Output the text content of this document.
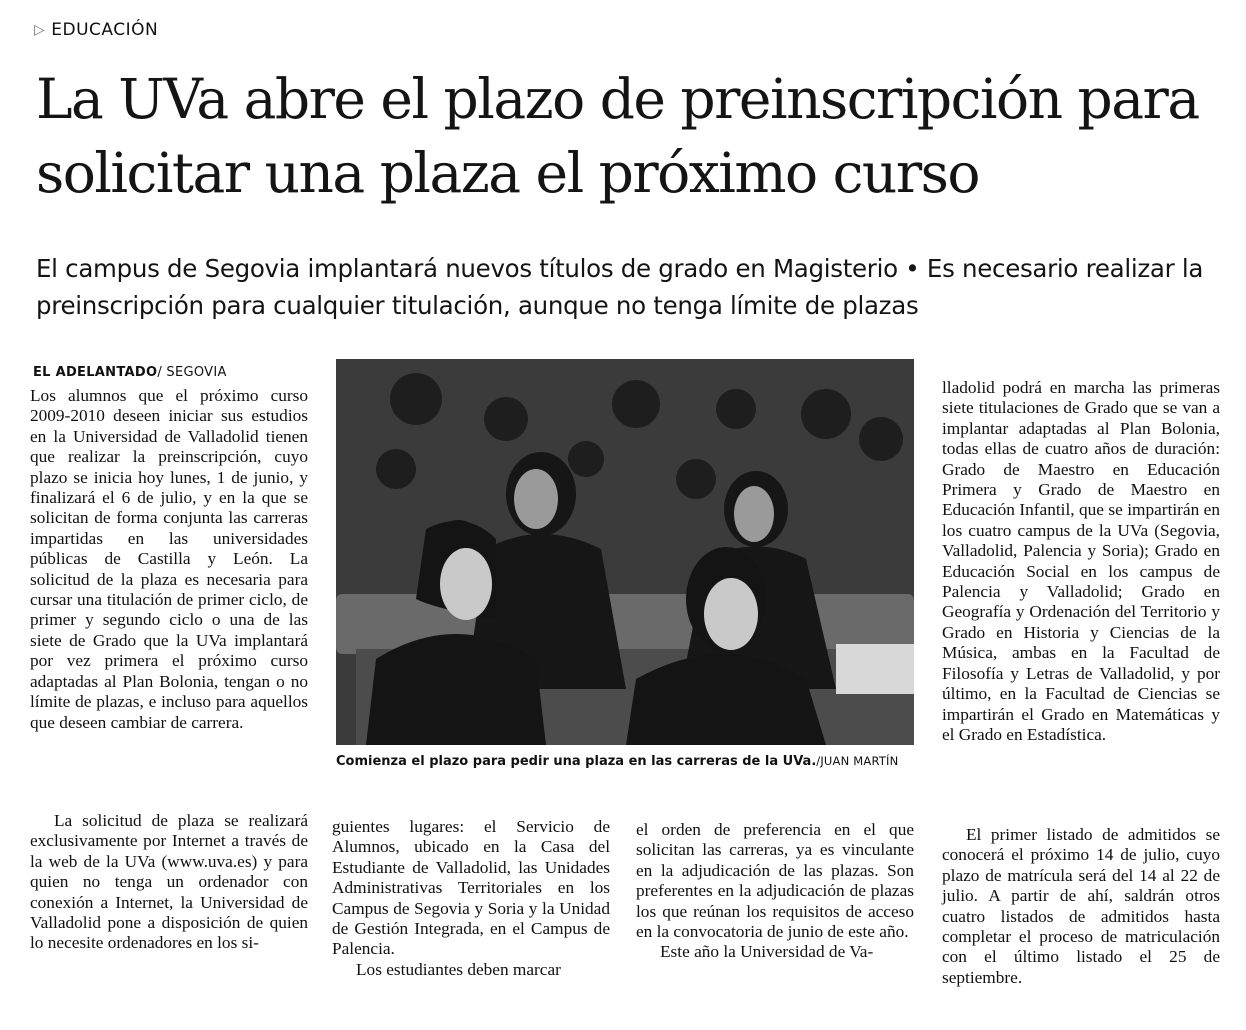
▷ EDUCACIÓN
La UVa abre el plazo de preinscripción para solicitar una plaza el próximo curso
El campus de Segovia implantará nuevos títulos de grado en Magisterio • Es necesario realizar la preinscripción para cualquier titulación, aunque no tenga límite de plazas
EL ADELANTADO/ SEGOVIA

Los alumnos que el próximo curso 2009-2010 deseen iniciar sus estudios en la Universidad de Valladolid tienen que realizar la preinscripción, cuyo plazo se inicia hoy lunes, 1 de junio, y finalizará el 6 de julio, y en la que se solicitan de forma conjunta las carreras impartidas en las universidades públicas de Castilla y León. La solicitud de la plaza es necesaria para cursar una titulación de primer ciclo, de primer y segundo ciclo o una de las siete de Grado que la UVa implantará por vez primera el próximo curso adaptadas al Plan Bolonia, tengan o no límite de plazas, e incluso para aquellos que deseen cambiar de carrera.

La solicitud de plaza se realizará exclusivamente por Internet a través de la web de la UVa (www.uva.es) y para quien no tenga un ordenador con conexión a Internet, la Universidad de Valladolid pone a disposición de quien lo necesite ordenadores en los si-

Comienza el plazo para pedir una plaza en las carreras de la UVa./JUAN MARTÍN

guientes lugares: el Servicio de Alumnos, ubicado en la Casa del Estudiante de Valladolid, las Unidades Administrativas Territoriales en los Campus de Segovia y Soria y la Unidad de Gestión Integrada, en el Campus de Palencia.

Los estudiantes deben marcar

el orden de preferencia en el que solicitan las carreras, ya es vinculante en la adjudicación de las plazas. Son preferentes en la adjudicación de plazas los que reúnan los requisitos de acceso en la convocatoria de junio de este año.

Este año la Universidad de Va-

lladolid podrá en marcha las primeras siete titulaciones de Grado que se van a implantar adaptadas al Plan Bolonia, todas ellas de cuatro años de duración: Grado de Maestro en Educación Primera y Grado de Maestro en Educación Infantil, que se impartirán en los cuatro campus de la UVa (Segovia, Valladolid, Palencia y Soria); Grado en Educación Social en los campus de Palencia y Valladolid; Grado en Geografía y Ordenación del Territorio y Grado en Historia y Ciencias de la Música, ambas en la Facultad de Filosofía y Letras de Valladolid, y por último, en la Facultad de Ciencias se impartirán el Grado en Matemáticas y el Grado en Estadística.

El primer listado de admitidos se conocerá el próximo 14 de julio, cuyo plazo de matrícula será del 14 al 22 de julio. A partir de ahí, saldrán otros cuatro listados de admitidos hasta completar el proceso de matriculación con el último listado el 25 de septiembre.
